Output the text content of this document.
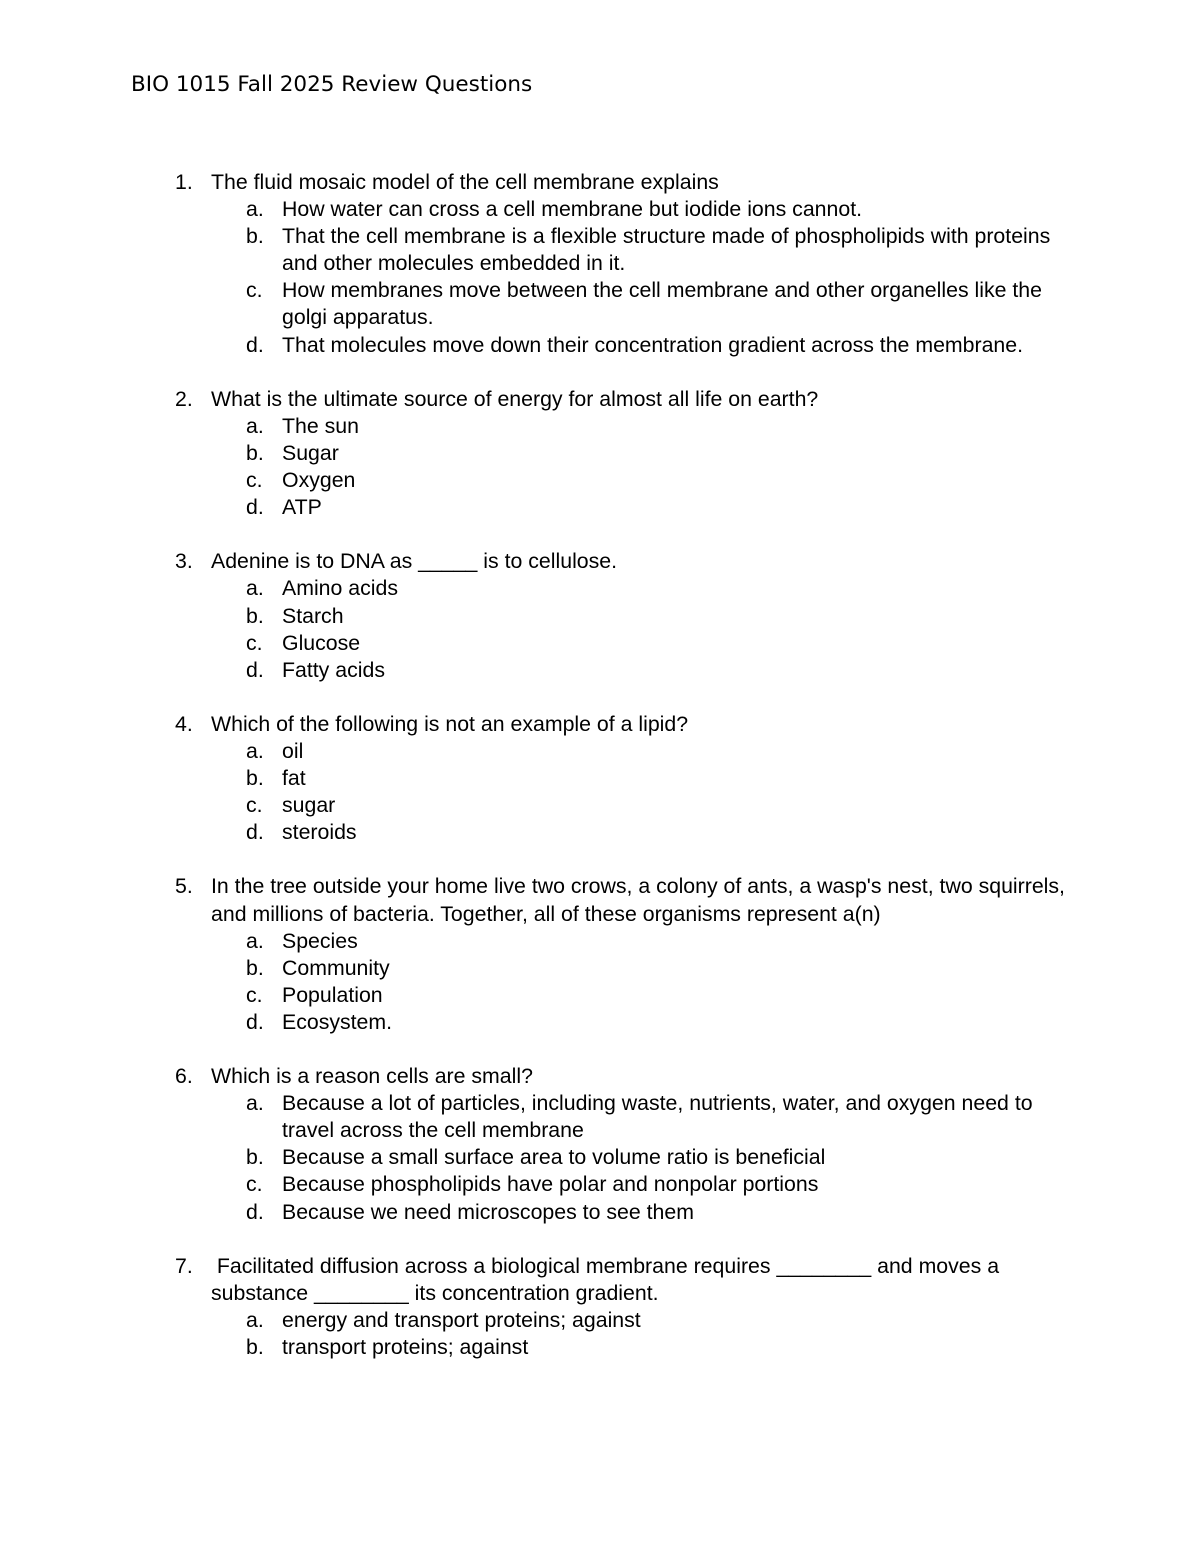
BIO 1015 Fall 2025 Review Questions
1. The fluid mosaic model of the cell membrane explains
a. How water can cross a cell membrane but iodide ions cannot.
b. That the cell membrane is a flexible structure made of phospholipids with proteins and other molecules embedded in it.
c. How membranes move between the cell membrane and other organelles like the golgi apparatus.
d. That molecules move down their concentration gradient across the membrane.
2. What is the ultimate source of energy for almost all life on earth?
a. The sun
b. Sugar
c. Oxygen
d. ATP
3. Adenine is to DNA as _____ is to cellulose.
a. Amino acids
b. Starch
c. Glucose
d. Fatty acids
4. Which of the following is not an example of a lipid?
a. oil
b. fat
c. sugar
d. steroids
5. In the tree outside your home live two crows, a colony of ants, a wasp's nest, two squirrels, and millions of bacteria. Together, all of these organisms represent a(n)
a. Species
b. Community
c. Population
d. Ecosystem.
6. Which is a reason cells are small?
a. Because a lot of particles, including waste, nutrients, water, and oxygen need to travel across the cell membrane
b. Because a small surface area to volume ratio is beneficial
c. Because phospholipids have polar and nonpolar portions
d. Because we need microscopes to see them
7. Facilitated diffusion across a biological membrane requires ________ and moves a substance ________ its concentration gradient.
a. energy and transport proteins; against
b. transport proteins; against
